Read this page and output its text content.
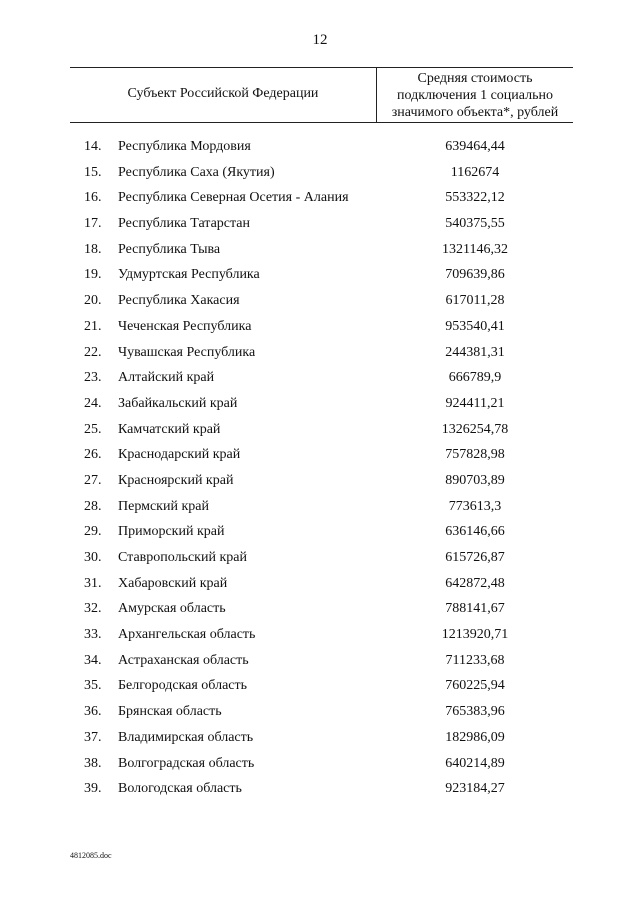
12
Субъект Российской Федерации
Средняя стоимость
подключения 1 социально
значимого объекта*, рублей
14. Республика Мордовия	639464,44
15. Республика Саха (Якутия)	1162674
16. Республика Северная Осетия - Алания	553322,12
17. Республика Татарстан	540375,55
18. Республика Тыва	1321146,32
19. Удмуртская Республика	709639,86
20. Республика Хакасия	617011,28
21. Чеченская Республика	953540,41
22. Чувашская Республика	244381,31
23. Алтайский край	666789,9
24. Забайкальский край	924411,21
25. Камчатский край	1326254,78
26. Краснодарский край	757828,98
27. Красноярский край	890703,89
28. Пермский край	773613,3
29. Приморский край	636146,66
30. Ставропольский край	615726,87
31. Хабаровский край	642872,48
32. Амурская область	788141,67
33. Архангельская область	1213920,71
34. Астраханская область	711233,68
35. Белгородская область	760225,94
36. Брянская область	765383,96
37. Владимирская область	182986,09
38. Волгоградская область	640214,89
39. Вологодская область	923184,27
4812085.doc
